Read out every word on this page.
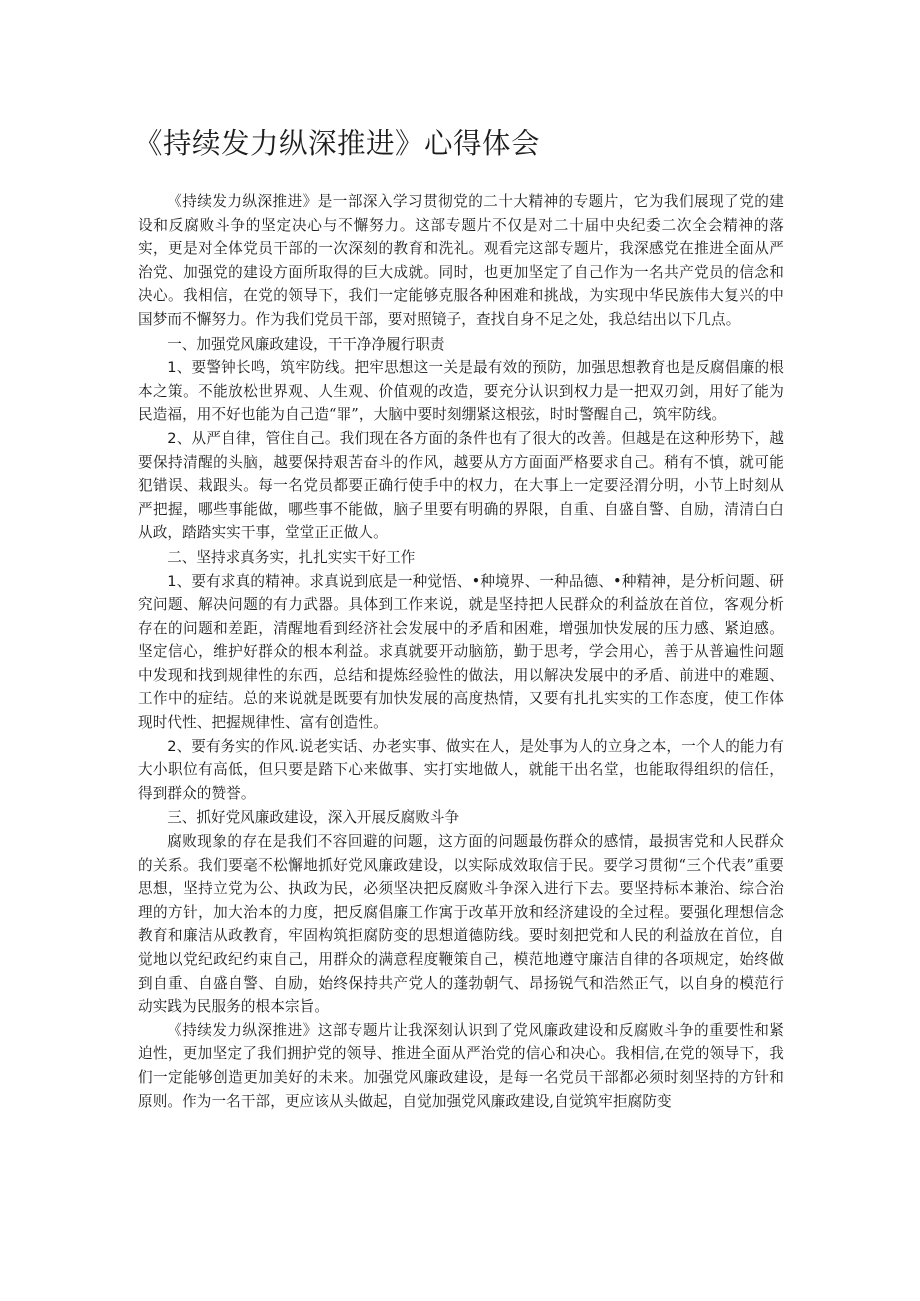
《持续发力纵深推进》心得体会

《持续发力纵深推进》是一部深入学习贯彻党的二十大精神的专题片，它为我们展现了党的建设和反腐败斗争的坚定决心与不懈努力。这部专题片不仅是对二十届中央纪委二次全会精神的落实，更是对全体党员干部的一次深刻的教育和洗礼。观看完这部专题片，我深感党在推进全面从严治党、加强党的建设方面所取得的巨大成就。同时，也更加坚定了自己作为一名共产党员的信念和决心。我相信，在党的领导下，我们一定能够克服各种困难和挑战，为实现中华民族伟大复兴的中国梦而不懈努力。作为我们党员干部，要对照镜子，查找自身不足之处，我总结出以下几点。

一、加强党风廉政建设，干干净净履行职责

1、要警钟长鸣，筑牢防线。把牢思想这一关是最有效的预防，加强思想教育也是反腐倡廉的根本之策。不能放松世界观、人生观、价值观的改造，要充分认识到权力是一把双刃剑，用好了能为民造福，用不好也能为自己造“罪”，大脑中要时刻绷紧这根弦，时时警醒自己，筑牢防线。

2、从严自律，管住自己。我们现在各方面的条件也有了很大的改善。但越是在这种形势下，越要保持清醒的头脑，越要保持艰苦奋斗的作风，越要从方方面面严格要求自己。稍有不慎，就可能犯错误、栽跟头。每一名党员都要正确行使手中的权力，在大事上一定要泾渭分明，小节上时刻从严把握，哪些事能做，哪些事不能做，脑子里要有明确的界限，自重、自盛自警、自励，清清白白从政，踏踏实实干事，堂堂正正做人。

二、坚持求真务实，扎扎实实干好工作

1、要有求真的精神。求真说到底是一种觉悟、•种境界、一种品德、•种精神，是分析问题、研究问题、解决问题的有力武器。具体到工作来说，就是坚持把人民群众的利益放在首位，客观分析存在的问题和差距，清醒地看到经济社会发展中的矛盾和困难，增强加快发展的压力感、紧迫感。坚定信心，维护好群众的根本利益。求真就要开动脑筋，勤于思考，学会用心，善于从普遍性问题中发现和找到规律性的东西，总结和提炼经验性的做法，用以解决发展中的矛盾、前进中的难题、工作中的症结。总的来说就是既要有加快发展的高度热情，又要有扎扎实实的工作态度，使工作体现时代性、把握规律性、富有创造性。

2、要有务实的作风.说老实话、办老实事、做实在人，是处事为人的立身之本，一个人的能力有大小职位有高低，但只要是踏下心来做事、实打实地做人，就能干出名堂，也能取得组织的信任，得到群众的赞誉。

三、抓好党风廉政建设，深入开展反腐败斗争

腐败现象的存在是我们不容回避的问题，这方面的问题最伤群众的感情，最损害党和人民群众的关系。我们要毫不松懈地抓好党风廉政建设，以实际成效取信于民。要学习贯彻“三个代表”重要思想，坚持立党为公、执政为民，必须坚决把反腐败斗争深入进行下去。要坚持标本兼治、综合治理的方针，加大治本的力度，把反腐倡廉工作寓于改革开放和经济建设的全过程。要强化理想信念教育和廉洁从政教育，牢固构筑拒腐防变的思想道德防线。要时刻把党和人民的利益放在首位，自觉地以党纪政纪约束自己，用群众的满意程度鞭策自己，模范地遵守廉洁自律的各项规定，始终做到自重、自盛自警、自励，始终保持共产党人的蓬勃朝气、昂扬锐气和浩然正气，以自身的模范行动实践为民服务的根本宗旨。

《持续发力纵深推进》这部专题片让我深刻认识到了党风廉政建设和反腐败斗争的重要性和紧迫性，更加坚定了我们拥护党的领导、推进全面从严治党的信心和决心。我相信,在党的领导下，我们一定能够创造更加美好的未来。加强党风廉政建设，是每一名党员干部都必须时刻坚持的方针和原则。作为一名干部，更应该从头做起，自觉加强党风廉政建设,自觉筑牢拒腐防变
